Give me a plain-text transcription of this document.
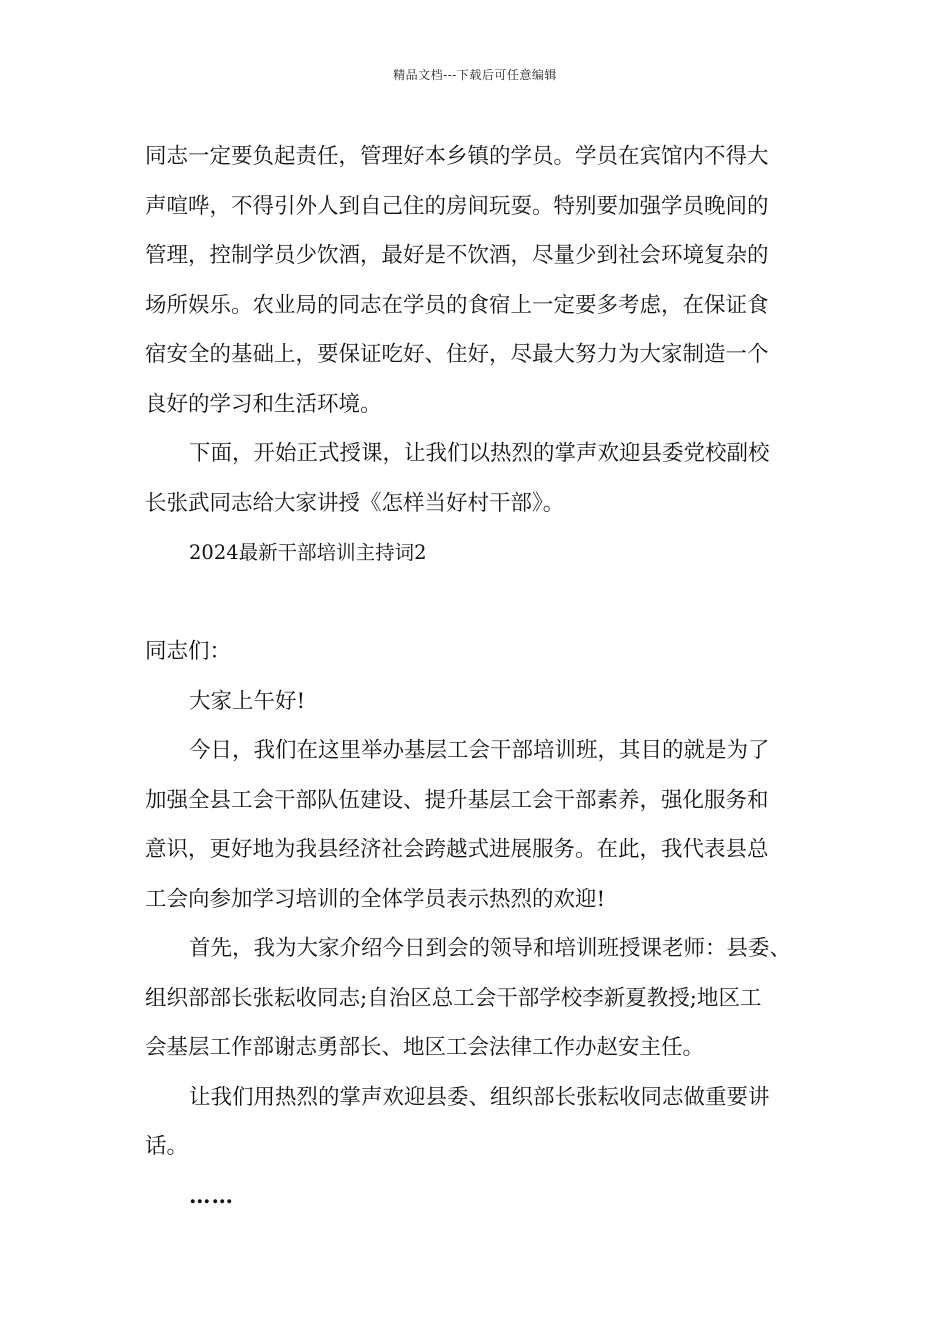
精品文档---下载后可任意编辑
同志一定要负起责任，管理好本乡镇的学员。学员在宾馆内不得大
声喧哗，不得引外人到自己住的房间玩耍。特别要加强学员晚间的
管理，控制学员少饮酒，最好是不饮酒，尽量少到社会环境复杂的
场所娱乐。农业局的同志在学员的食宿上一定要多考虑，在保证食
宿安全的基础上，要保证吃好、住好，尽最大努力为大家制造一个
良好的学习和生活环境。
下面，开始正式授课，让我们以热烈的掌声欢迎县委党校副校
长张武同志给大家讲授《怎样当好村干部》。
2024最新干部培训主持词2
同志们：
大家上午好!
今日，我们在这里举办基层工会干部培训班，其目的就是为了
加强全县工会干部队伍建设、提升基层工会干部素养，强化服务和
意识，更好地为我县经济社会跨越式进展服务。在此，我代表县总
工会向参加学习培训的全体学员表示热烈的欢迎!
首先，我为大家介绍今日到会的领导和培训班授课老师：县委、
组织部部长张耘收同志;自治区总工会干部学校李新夏教授;地区工
会基层工作部谢志勇部长、地区工会法律工作办赵安主任。
让我们用热烈的掌声欢迎县委、组织部长张耘收同志做重要讲
话。
……
